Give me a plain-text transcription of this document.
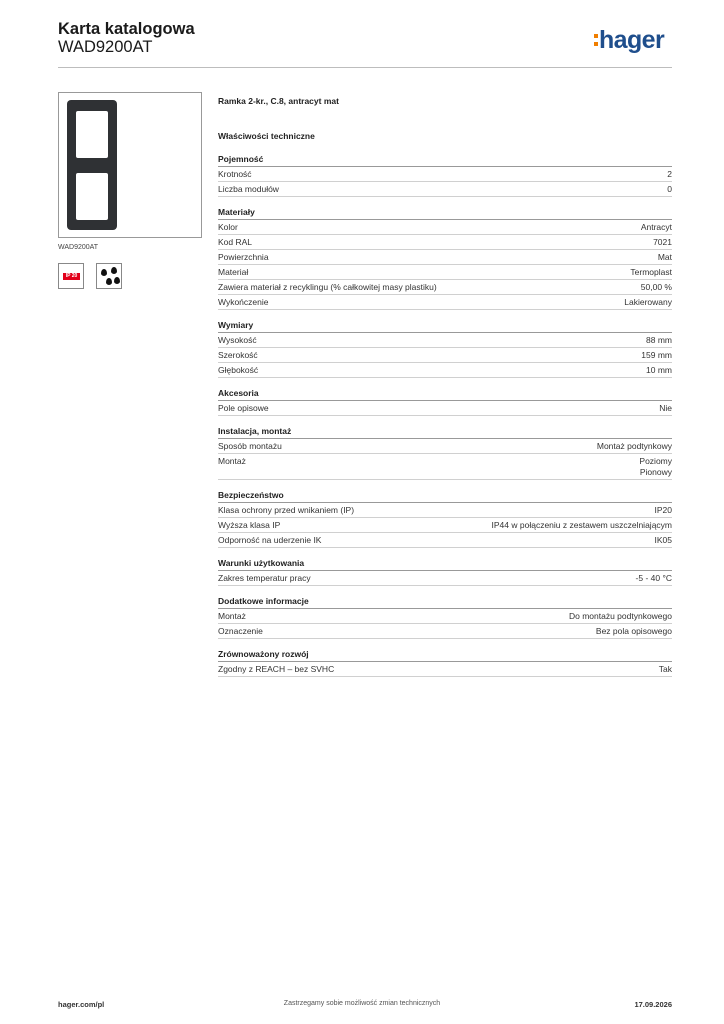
Karta katalogowa
WAD9200AT	hager
WAD9200AT
IP 20
Ramka 2-kr., C.8, antracyt mat
Właściwości techniczne
Pojemność
Krotność	2
Liczba modułów	0
Materiały
Kolor	Antracyt
Kod RAL	7021
Powierzchnia	Mat
Materiał	Termoplast
Zawiera materiał z recyklingu (% całkowitej masy plastiku)	50,00 %
Wykończenie	Lakierowany
Wymiary
Wysokość	88 mm
Szerokość	159 mm
Głębokość	10 mm
Akcesoria
Pole opisowe	Nie
Instalacja, montaż
Sposób montażu	Montaż podtynkowy
Montaż	Poziomy
Pionowy
Bezpieczeństwo
Klasa ochrony przed wnikaniem (IP)	IP20
Wyższa klasa IP	IP44 w połączeniu z zestawem uszczelniającym
Odporność na uderzenie IK	IK05
Warunki użytkowania
Zakres temperatur pracy	-5 - 40 °C
Dodatkowe informacje
Montaż	Do montażu podtynkowego
Oznaczenie	Bez pola opisowego
Zrównoważony rozwój
Zgodny z REACH – bez SVHC	Tak
hager.com/pl	Zastrzegamy sobie możliwość zmian technicznych	17.09.2026
